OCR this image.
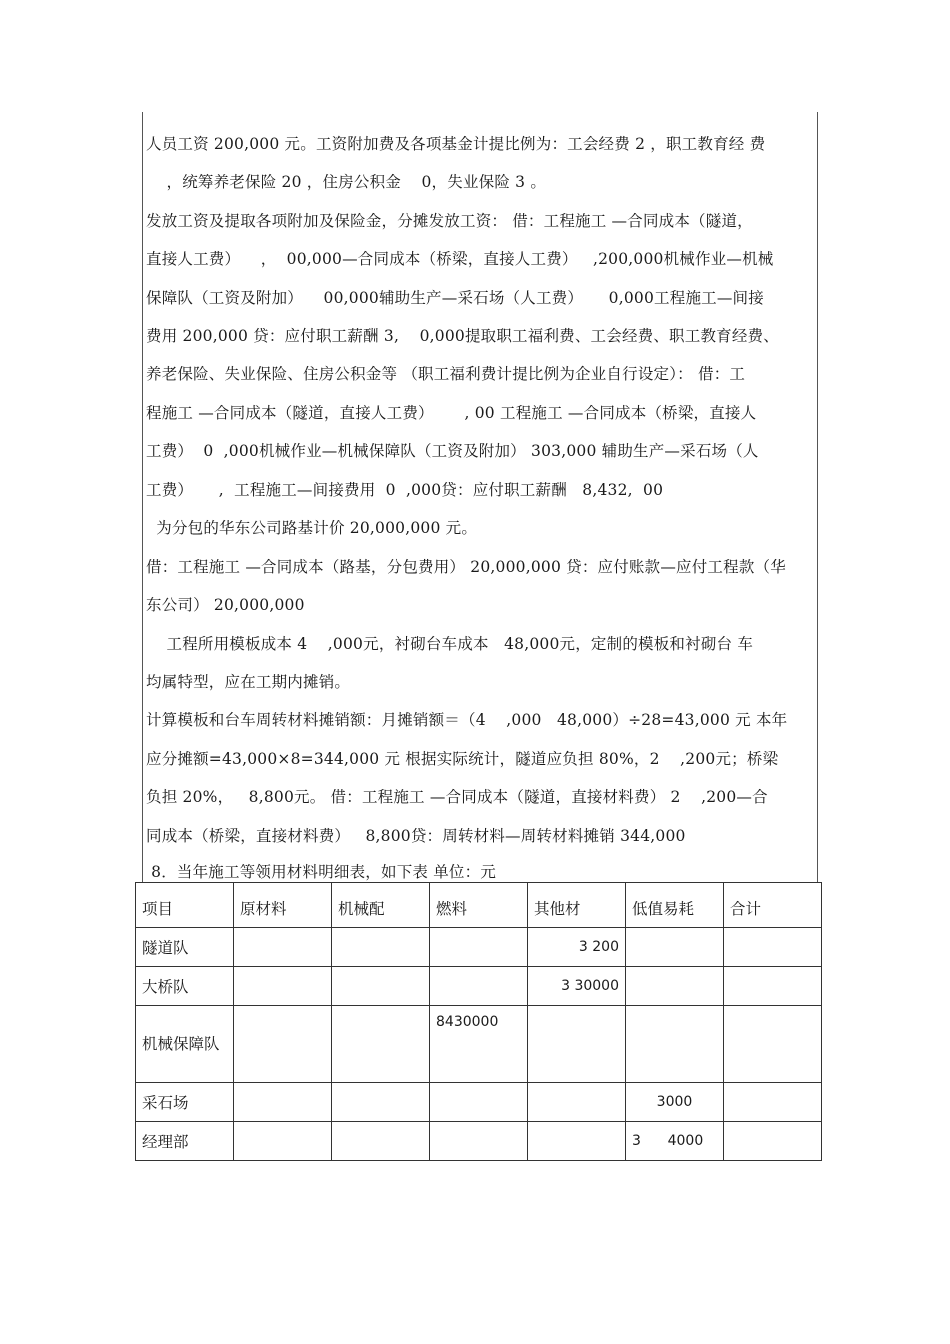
人员工资 200,000 元。工资附加费及各项基金计提比例为：工会经费 2 ，职工教育经 费
，统筹养老保险 20 ，住房公积金    0，失业保险 3 。
发放工资及提取各项附加及保险金，分摊发放工资： 借：工程施工 —合同成本（隧道，
直接人工费）    ，  00,000—合同成本（桥梁，直接人工费）   ,200,000机械作业—机械
保障队（工资及附加）    00,000辅助生产—采石场（人工费）     0,000工程施工—间接
费用 200,000 贷：应付职工薪酬 3,    0,000提取职工福利费、工会经费、职工教育经费、
养老保险、失业保险、住房公积金等 （职工福利费计提比例为企业自行设定）： 借：工
程施工 —合同成本（隧道，直接人工费）      , 00 工程施工 —合同成本（桥梁，直接人
工费）  0  ,000机械作业—机械保障队（工资及附加） 303,000 辅助生产—采石场（人
工费）     ,  工程施工—间接费用  0  ,000贷：应付职工薪酬   8,432,  00
为分包的华东公司路基计价 20,000,000 元。
借：工程施工 —合同成本（路基，分包费用） 20,000,000 贷：应付账款—应付工程款（华
东公司） 20,000,000
工程所用模板成本 4    ,000元，衬砌台车成本   48,000元，定制的模板和衬砌台 车
均属特型，应在工期内摊销。
计算模板和台车周转材料摊销额：月摊销额＝（4    ,000   48,000）÷28=43,000 元 本年
应分摊额=43,000×8=344,000 元 根据实际统计，隧道应负担 80%，2    ,200元；桥梁
负担 20%，   8,800元。 借：工程施工 —合同成本（隧道，直接材料费） 2    ,200—合
同成本（桥梁，直接材料费）   8,800贷：周转材料—周转材料摊销 344,000
8．当年施工等领用材料明细表，如下表 单位：元
项目	原材料	机械配	燃料	其他材	低值易耗	合计
隧道队				3 200		
大桥队				3 30000		
机械保障队			8430000			
采石场					3000	
经理部					3      4000	
